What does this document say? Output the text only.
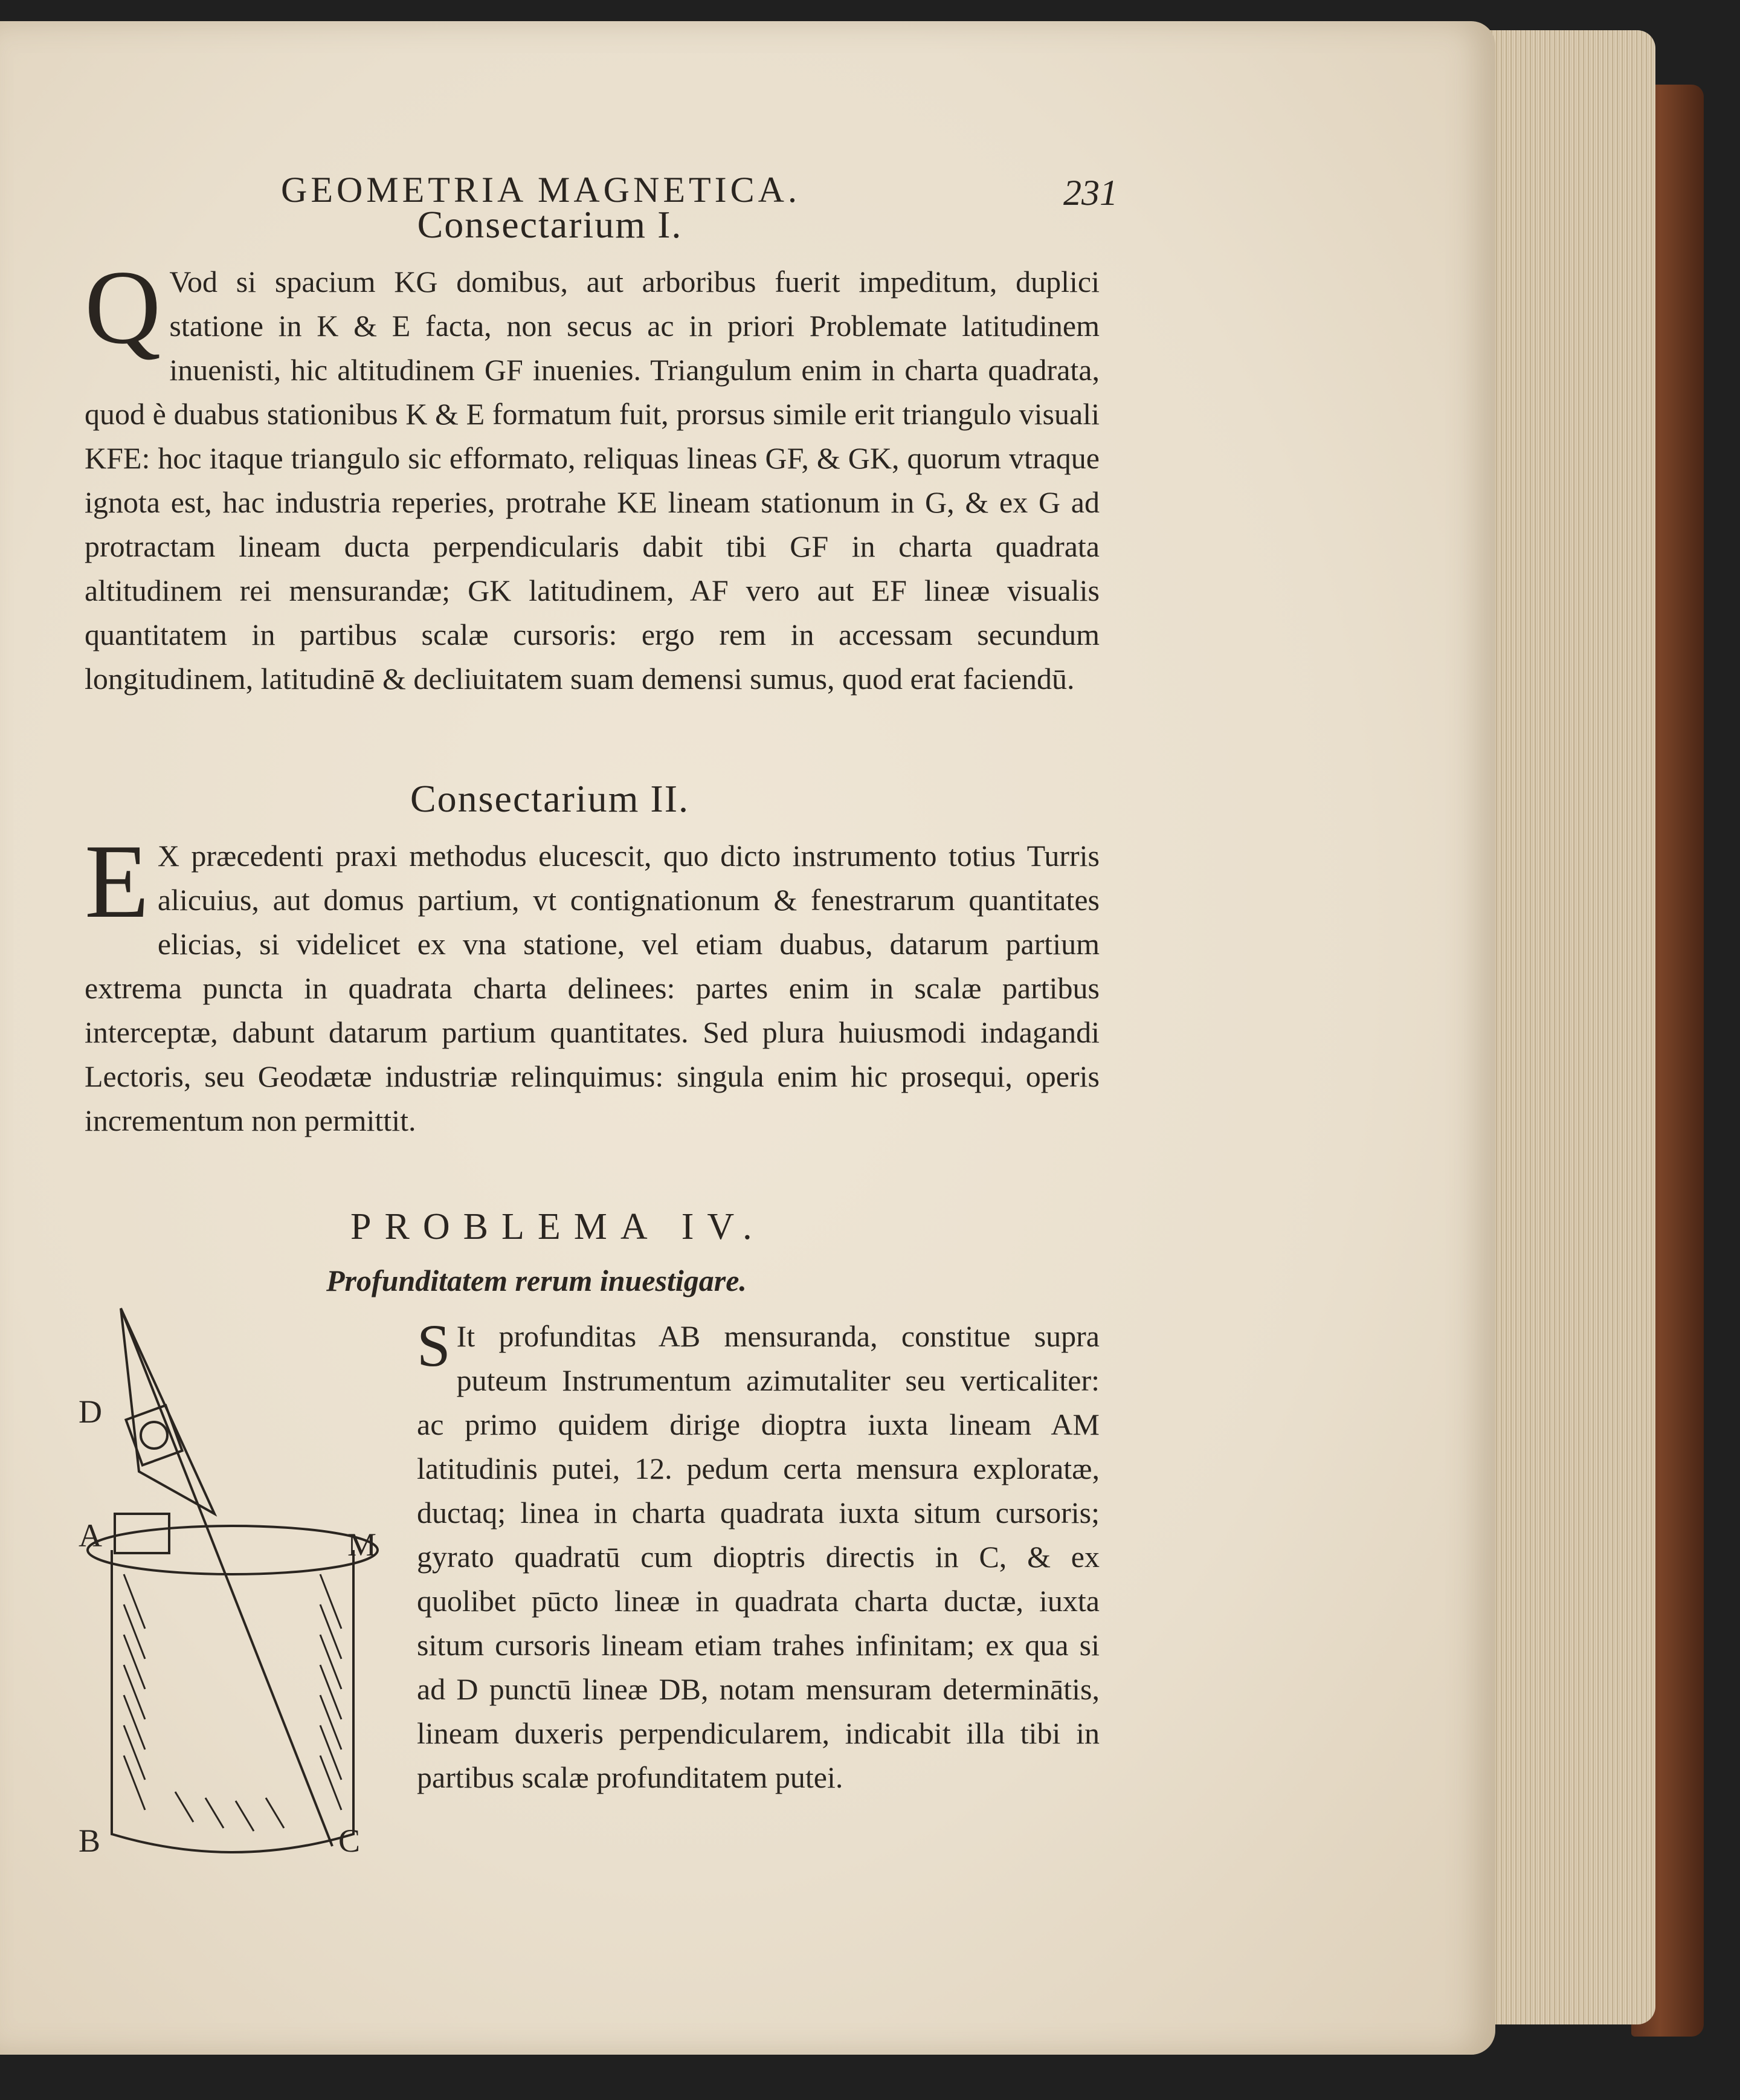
GEOMETRIA MAGNETICA.	231
Consectarium I.
Q Vod si spacium KG domibus, aut arboribus fuerit impeditum, duplici statione in K & E facta, non secus ac in priori Problemate latitudinem inuenisti, hic altitudinem GF inuenies. Triangulum enim in charta quadrata, quod è duabus stationibus K & E formatum fuit, prorsus simile erit triangulo visuali KFE: hoc itaque triangulo sic efformato, reliquas lineas GF, & GK, quorum vtraque ignota est, hac industria reperies, protrahe KE lineam stationum in G, & ex G ad protractam lineam ducta perpendicularis dabit tibi GF in charta quadrata altitudinem rei mensurandæ; GK latitudinem, AF vero aut EF lineæ visualis quantitatem in partibus scalæ cursoris: ergo rem in accessam secundum longitudinem, latitudinē & decliuitatem suam demensi sumus, quod erat faciendū.
Consectarium II.
E X præcedenti praxi methodus elucescit, quo dicto instrumento totius Turris alicuius, aut domus partium, vt contignationum & fenestrarum quantitates elicias, si videlicet ex vna statione, vel etiam duabus, datarum partium extrema puncta in quadrata charta delinees: partes enim in scalæ partibus interceptæ, dabunt datarum partium quantitates. Sed plura huiusmodi indagandi Lectoris, seu Geodætæ industriæ relinquimus: singula enim hic prosequi, operis incrementum non permittit.
PROBLEMA IV.
Profunditatem rerum inuestigare.
S It profunditas AB mensuranda, constitue supra puteum Instrumentum azimutaliter seu verticaliter: ac primo quidem dirige dioptra iuxta lineam AM latitudinis putei, 12. pedum certa mensura exploratæ, ductaq; linea in charta quadrata iuxta situm cursoris; gyrato quadratū cum dioptris directis in C, & ex quolibet pūcto lineæ in quadrata charta ductæ, iuxta situm cursoris lineam etiam trahes infinitam; ex qua si ad D punctū lineæ DB, notam mensuram determinātis, lineam duxeris perpendicularem, indicabit illa tibi in partibus scalæ profunditatem putei.
D
A	M
B	C
